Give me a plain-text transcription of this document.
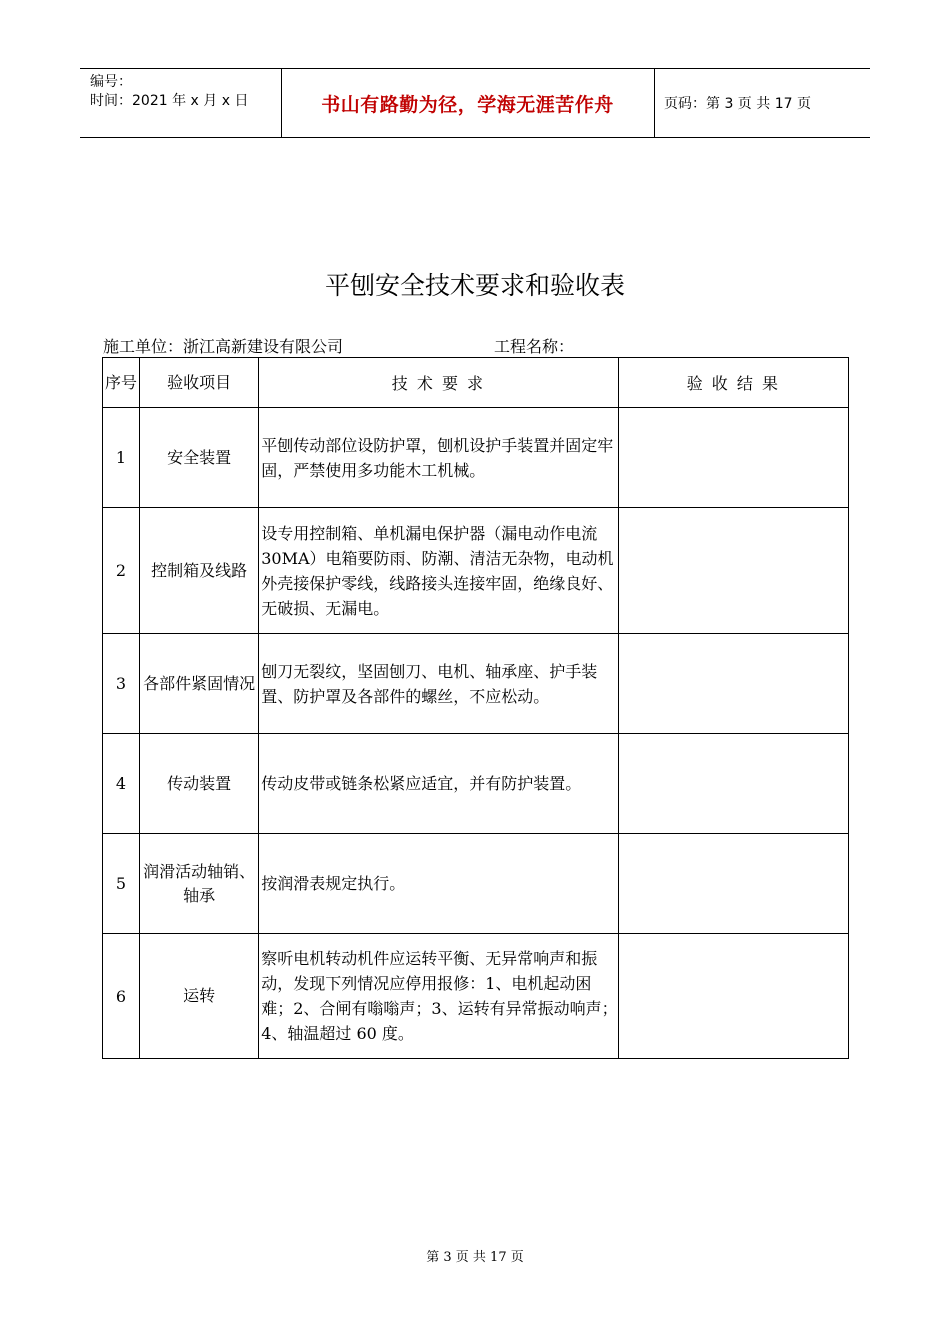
编号：
时间：2021 年 x 月 x 日	书山有路勤为径，学海无涯苦作舟	页码：第 3 页 共 17 页
平刨安全技术要求和验收表
施工单位：浙江高新建设有限公司	工程名称：
序号	验收项目	技 术 要 求	验 收 结 果
1	安全装置	平刨传动部位设防护罩，刨机设护手装置并固定牢固，严禁使用多功能木工机械。	
2	控制箱及线路	设专用控制箱、单机漏电保护器（漏电动作电流 30MA）电箱要防雨、防潮、清洁无杂物，电动机外壳接保护零线，线路接头连接牢固，绝缘良好、无破损、无漏电。	
3	各部件紧固情况	刨刀无裂纹，坚固刨刀、电机、轴承座、护手装置、防护罩及各部件的螺丝，不应松动。	
4	传动装置	传动皮带或链条松紧应适宜，并有防护装置。	
5	润滑活动轴销、轴承	按润滑表规定执行。	
6	运转	察听电机转动机件应运转平衡、无异常响声和振动，发现下列情况应停用报修：1、电机起动困难；2、合闸有嗡嗡声；3、运转有异常振动响声；4、轴温超过 60 度。	
第 3 页 共 17 页
